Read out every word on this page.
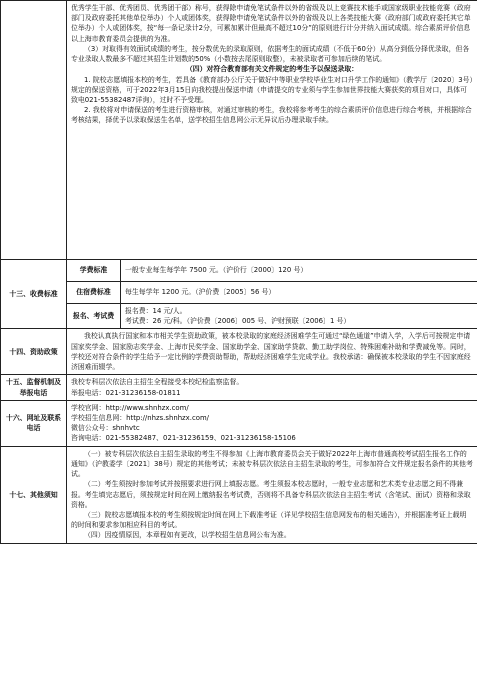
	优秀学生干部、优秀团员、优秀团干部）称号，获得除申请免笔试条件以外的省级及以上竞赛技术能手或国家级职业技能竞赛（政府部门及政府委托其他单位举办）个人或团体奖，获得除申请免笔试条件以外的省级及以上各类技能大赛（政府部门或政府委托其它单位举办）个人或团体奖，按“每一条记录计2分，可累加累计但最高不超过10分”的原则进行计分并纳入面试成绩。综合素质评价信息以上海市教育委员会提供的为准。

（3）对取得有效面试成绩的考生，按分数优先的录取原则，依据考生的面试成绩（不低于60分）从高分到低分择优录取，但各专业录取人数最多不超过其招生计划数的50%（小数按去尾原则取整），未被录取者可参加后续的笔试。

（四）对符合教育部有关文件规定的考生予以保送录取：

1. 院校志愿填报本校的考生，若具备《教育部办公厅关于做好中等职业学校毕业生对口升学工作的通知》（教学厅〔2020〕3号）规定的保送资格，可于2022年3月15日向我校提出保送申请（申请提交的专业须与学生参加世界技能大赛获奖的项目对口，具体可致电021-55382487详询），过时不予受理。

2. 我校将对申请保送的考生进行资格审核，对通过审核的考生，我校将参考考生的综合素质评价信息进行综合考核，并根据综合考核结果，择优予以录取保送生名单，送学校招生信息网公示无异议后办理录取手续。	

十三、收费标准	学费标准	一般专业每生每学年 7500 元。（沪价行〔2000〕120 号）
	住宿费标准	每生每学年 1200 元。（沪价费〔2005〕56 号）
	报名、考试费	报名费：14 元/人。

考试费：26 元/科。（沪价费〔2006〕005 号、沪财预联〔2006〕1 号）

十四、资助政策	我校认真执行国家和本市相关学生资助政策，被本校录取的家庭经济困难学生可通过“绿色通道”申请入学，入学后可按规定申请国家奖学金、国家励志奖学金、上海市民奖学金、国家助学金、国家助学贷款、勤工助学岗位、特殊困难补助和学费减免等。同时，学校还对符合条件的学生给予一定比例的学费资助帮助，帮助经济困难学生完成学业。我校承诺：确保被本校录取的学生不因家庭经济困难而辍学。	

十五、监督机制及举报电话	我校专科层次依法自主招生全程接受本校纪检监察监督。

举报电话：021-31236158-01811	

十六、网址及联系电话	学校官网：http://www.shnhzx.com/

学校招生信息网：http://nhzs.shnhzx.com/

微信公众号：shnhvtc

咨询电话：021-55382487、021-31236159、021-31236158-15106	

十七、其他须知	（一）被专科层次依法自主招生录取的考生不得参加《上海市教育委员会关于做好2022年上海市普通高校考试招生报名工作的通知》（沪教委学〔2021〕38号）规定的其他考试；未被专科层次依法自主招生录取的考生，可参加符合文件规定报名条件的其他考试。

（二）考生须按时参加考试并按照要求进行网上填报志愿。考生须报本校志愿时，一般专业志愿和艺术类专业志愿之间不得兼报。考生填完志愿后，须按规定时间在网上缴纳报名考试费，否则将不具备专科层次依法自主招生考试（含笔试、面试）资格和录取资格。

（三）院校志愿填报本校的考生须按规定时间在网上下载准考证（详见学校招生信息网发布的相关通告），并根据准考证上载明的时间和要求参加相应科目的考试。

（四）因疫情原因，本章程如有更改，以学校招生信息网公布为准。	
